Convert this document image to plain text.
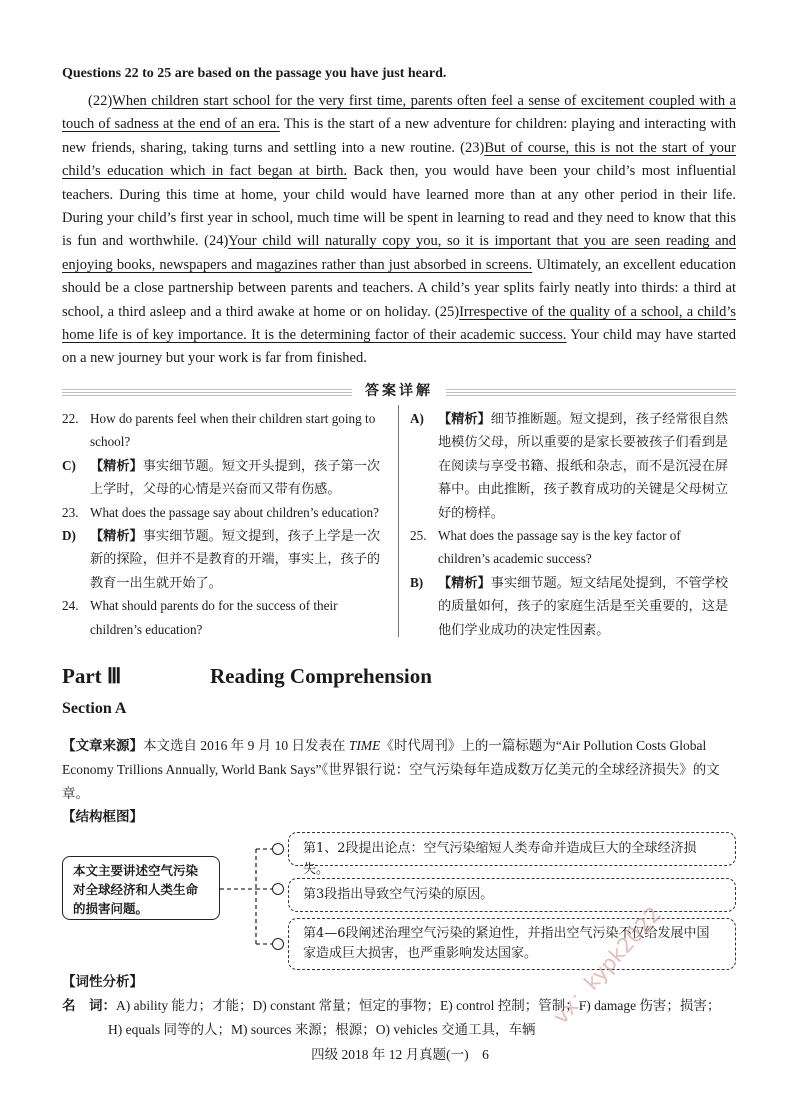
Questions 22 to 25 are based on the passage you have just heard.

(22)When children start school for the very first time, parents often feel a sense of excitement coupled with a touch of sadness at the end of an era. This is the start of a new adventure for children: playing and interacting with new friends, sharing, taking turns and settling into a new routine. (23)But of course, this is not the start of your child’s education which in fact began at birth. Back then, you would have been your child’s most influential teachers. During this time at home, your child would have learned more than at any other period in their life. During your child’s first year in school, much time will be spent in learning to read and they need to know that this is fun and worthwhile. (24)Your child will naturally copy you, so it is important that you are seen reading and enjoying books, newspapers and magazines rather than just absorbed in screens. Ultimately, an excellent education should be a close partnership between parents and teachers. A child’s year splits fairly neatly into thirds: a third at school, a third asleep and a third awake at home or on holiday. (25)Irrespective of the quality of a school, a child’s home life is of key importance. It is the determining factor of their academic success. Your child may have started on a new journey but your work is far from finished.

答案详解
22. How do parents feel when their children start going to school?
C) 【精析】事实细节题。短文开头提到，孩子第一次上学时，父母的心情是兴奋而又带有伤感。
23. What does the passage say about children’s education?
D) 【精析】事实细节题。短文提到，孩子上学是一次新的探险，但并不是教育的开端，事实上，孩子的教育一出生就开始了。
24. What should parents do for the success of their children’s education?
A) 【精析】细节推断题。短文提到，孩子经常很自然地模仿父母，所以重要的是家长要被孩子们看到是在阅读与享受书籍、报纸和杂志，而不是沉浸在屏幕中。由此推断，孩子教育成功的关键是父母树立好的榜样。
25. What does the passage say is the key factor of children’s academic success?
B) 【精析】事实细节题。短文结尾处提到，不管学校的质量如何，孩子的家庭生活是至关重要的，这是他们学业成功的决定性因素。
Part Ⅲ	Reading Comprehension
Section A
【文章来源】本文选自 2016 年 9 月 10 日发表在 TIME《时代周刊》上的一篇标题为“Air Pollution Costs Global Economy Trillions Annually, World Bank Says”《世界银行说：空气污染每年造成数万亿美元的全球经济损失》的文章。
【结构框图】
本文主要讲述空气污染对全球经济和人类生命的损害问题。
第1、2段提出论点：空气污染缩短人类寿命并造成巨大的全球经济损失。
第3段指出导致空气污染的原因。
第4—6段阐述治理空气污染的紧迫性，并指出空气污染不仅给发展中国家造成巨大损害，也严重影响发达国家。
【词性分析】
名　词：A) ability 能力；才能；D) constant 常量；恒定的事物；E) control 控制；管制；F) damage 伤害；损害；
H) equals 同等的人；M) sources 来源；根源；O) vehicles 交通工具，车辆
四级 2018 年 12 月真题(一)　6
vx：kypk2022
